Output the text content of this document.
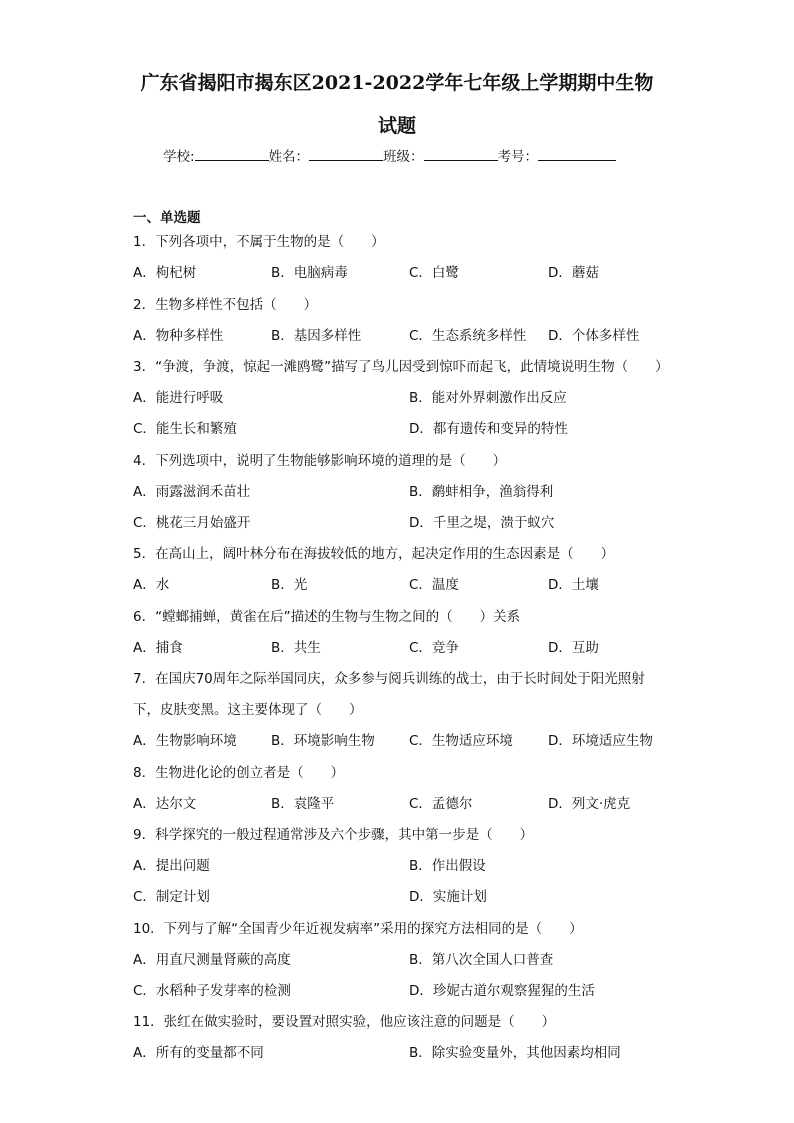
广东省揭阳市揭东区2021-2022学年七年级上学期期中生物
试题
学校:	姓名：	班级：	考号：
一、单选题
1．下列各项中，不属于生物的是（　　）
A．枸杞树	B．电脑病毒	C．白鹭	D．蘑菇
2．生物多样性不包括（　　）
A．物种多样性	B．基因多样性	C．生态系统多样性 D．个体多样性
3．“争渡，争渡，惊起一滩鸥鹭”描写了鸟儿因受到惊吓而起飞，此情境说明生物（　　）
A．能进行呼吸	B．能对外界刺激作出反应
C．能生长和繁殖	D．都有遗传和变异的特性
4．下列选项中，说明了生物能够影响环境的道理的是（　　）
A．雨露滋润禾苗壮	B．鹬蚌相争，渔翁得利
C．桃花三月始盛开	D．千里之堤，溃于蚁穴
5．在高山上，阔叶林分布在海拔较低的地方，起决定作用的生态因素是（　　）
A．水	B．光	C．温度	D．土壤
6．“螳螂捕蝉，黄雀在后”描述的生物与生物之间的（　　）关系
A．捕食	B．共生	C．竞争	D．互助
7．在国庆70周年之际举国同庆，众多参与阅兵训练的战士，由于长时间处于阳光照射
下，皮肤变黑。这主要体现了（　　）
A．生物影响环境	B．环境影响生物	C．生物适应环境	D．环境适应生物
8．生物进化论的创立者是（　　）
A．达尔文	B．袁隆平	C．孟德尔	D．列文·虎克
9．科学探究的一般过程通常涉及六个步骤，其中第一步是（　　）
A．提出问题	B．作出假设
C．制定计划	D．实施计划
10．下列与了解“全国青少年近视发病率”采用的探究方法相同的是（　　）
A．用直尺测量肾蕨的高度	B．第八次全国人口普查
C．水稻种子发芽率的检测	D．珍妮古道尔观察猩猩的生活
11．张红在做实验时，要设置对照实验，他应该注意的问题是（　　）
A．所有的变量都不同	B．除实验变量外，其他因素均相同
